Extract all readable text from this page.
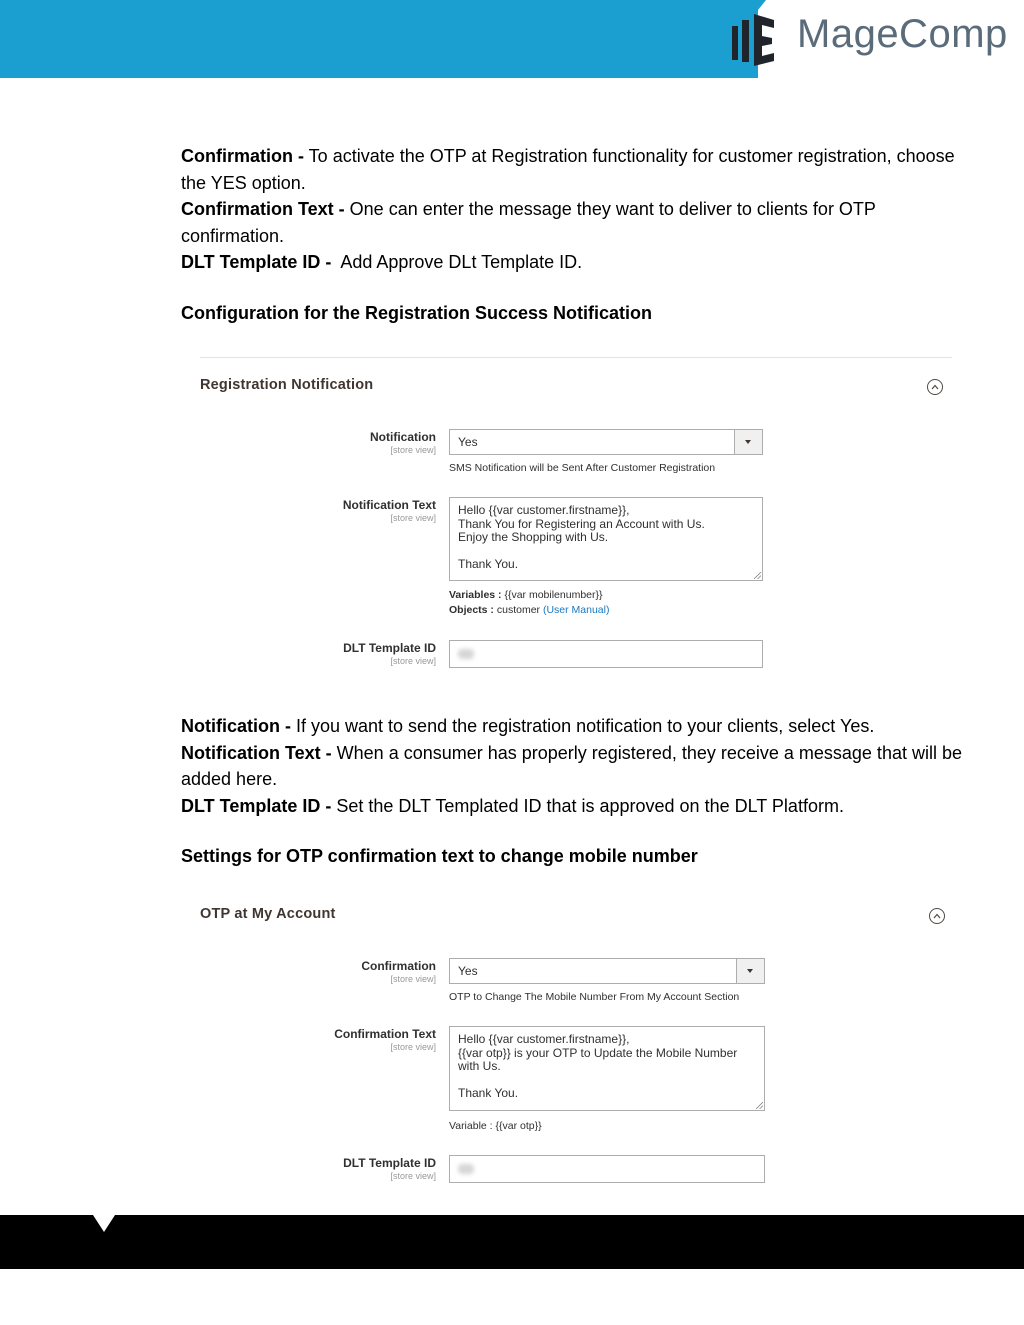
MageComp

Confirmation - To activate the OTP at Registration functionality for customer registration, choose the YES option.
Confirmation Text - One can enter the message they want to deliver to clients for OTP confirmation.
DLT Template ID -  Add Approve DLt Template ID.

Configuration for the Registration Success Notification

Registration Notification
Notification
[store view]
Yes
SMS Notification will be Sent After Customer Registration
Notification Text
[store view]
Hello {{var customer.firstname}},
Thank You for Registering an Account with Us.
Enjoy the Shopping with Us.
Thank You.
Variables : {{var mobilenumber}}
Objects : customer (User Manual)
DLT Template ID
[store view]

Notification - If you want to send the registration notification to your clients, select Yes.
Notification Text - When a consumer has properly registered, they receive a message that will be added here.
DLT Template ID - Set the DLT Templated ID that is approved on the DLT Platform.

Settings for OTP confirmation text to change mobile number

OTP at My Account
Confirmation
[store view]
Yes
OTP to Change The Mobile Number From My Account Section
Confirmation Text
[store view]
Hello {{var customer.firstname}},
{{var otp}} is your OTP to Update the Mobile Number
with Us.
Thank You.
Variable : {{var otp}}
DLT Template ID
[store view]
